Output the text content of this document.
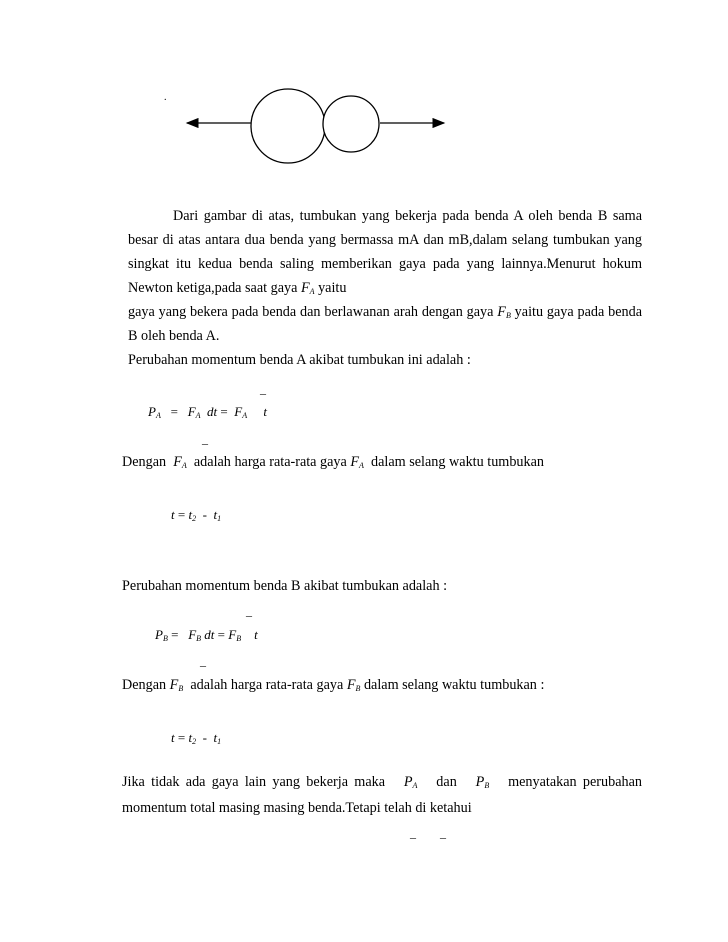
.
Dari gambar di atas, tumbukan yang bekerja pada benda A oleh benda B sama
besar di atas antara dua benda yang bermassa mA dan mB,dalam selang tumbukan yang
singkat itu kedua benda saling memberikan gaya pada yang lainnya.Menurut hokum
Newton ketiga,pada saat gaya $F_A$ yaitu
gaya yang bekera pada benda dan berlawanan arah dengan gaya $F_B$ yaitu gaya pada benda
B oleh benda A.
Perubahan momentum benda A akibat tumbukan ini adalah :
_
$P_A = F_A$ dt = $F_A$ t
_
Dengan $F_A$ adalah harga rata-rata gaya $F_A$ dalam selang waktu tumbukan
$t = t_2 - t_1$
Perubahan momentum benda B akibat tumbukan adalah :
_
$P_B = F_B$ dt = $F_B$ t
_
Dengan $F_B$ adalah harga rata-rata gaya $F_B$ dalam selang waktu tumbukan :
$t = t_2 - t_1$
Jika tidak ada gaya lain yang bekerja maka $P_A$ dan $P_B$ menyatakan perubahan
momentum total masing masing benda.Tetapi telah di ketahui
_ _
